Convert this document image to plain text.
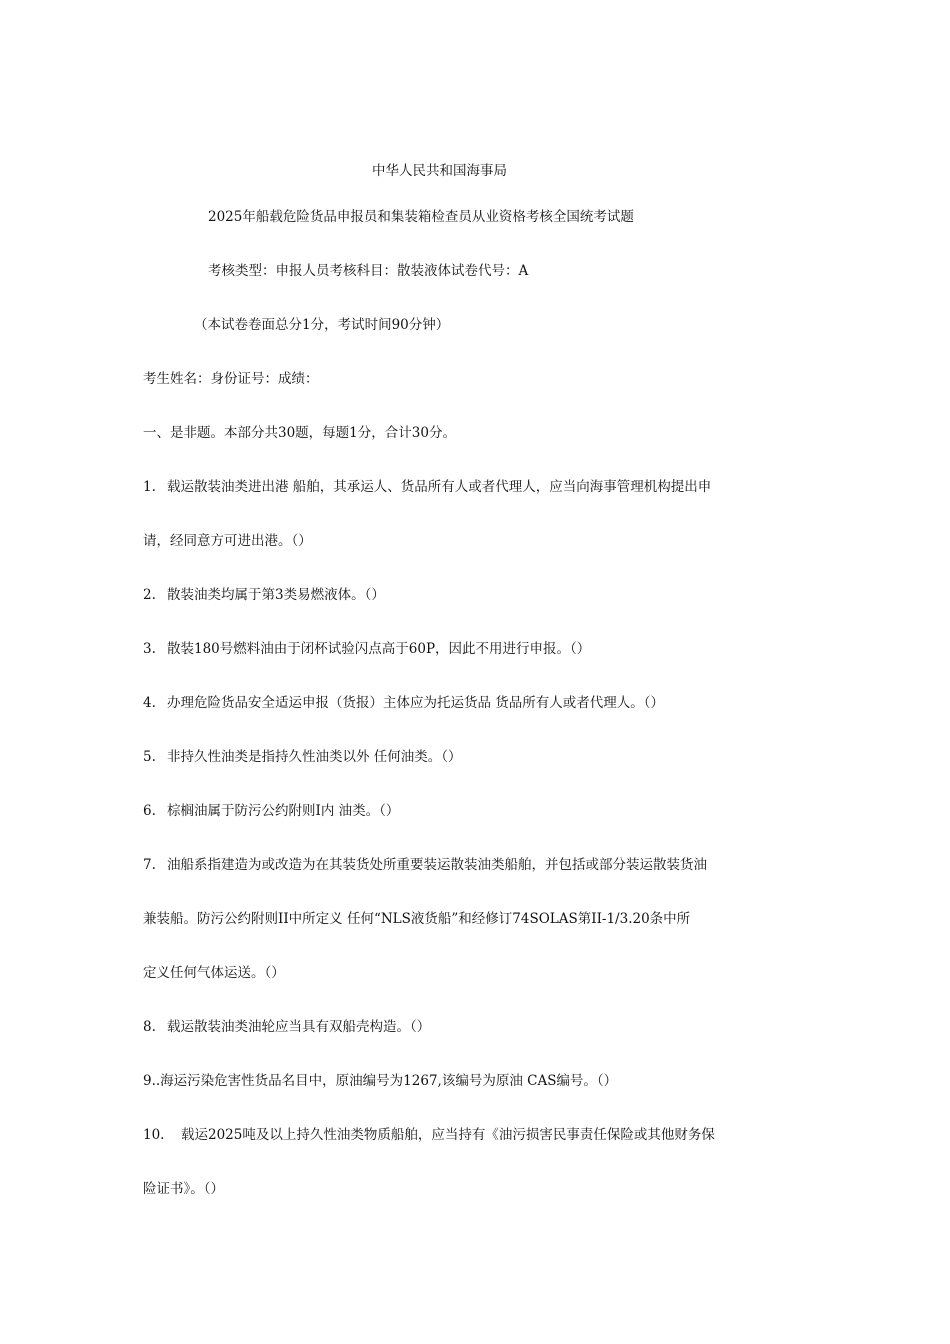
中华人民共和国海事局
2025年船载危险货品申报员和集装箱检查员从业资格考核全国统考试题
考核类型：申报人员考核科目：散装液体试卷代号：A
（本试卷卷面总分1分，考试时间90分钟）
考生姓名：身份证号：成绩：
一、是非题。本部分共30题，每题1分，合计30分。
1. 载运散装油类进出港 船舶，其承运人、货品所有人或者代理人，应当向海事管理机构提出申
请，经同意方可进出港。（）
2. 散装油类均属于第3类易燃液体。（）
3. 散装180号燃料油由于闭杯试验闪点高于60P，因此不用进行申报。（）
4. 办理危险货品安全适运申报（货报）主体应为托运货品 货品所有人或者代理人。（）
5. 非持久性油类是指持久性油类以外 任何油类。（）
6. 棕榈油属于防污公约附则Ⅰ内 油类。（）
7. 油船系指建造为或改造为在其装货处所重要装运散装油类船舶，并包括或部分装运散装货油
兼装船。防污公约附则II中所定义 任何“NLS液货船”和经修订74SOLAS第II-1/3.20条中所
定义任何气体运送。（）
8. 载运散装油类油轮应当具有双船壳构造。（）
9..海运污染危害性货品名目中，原油编号为1267,该编号为原油 CAS编号。（）
10. 载运2025吨及以上持久性油类物质船舶，应当持有《油污损害民事责任保险或其他财务保
险证书》。（）
